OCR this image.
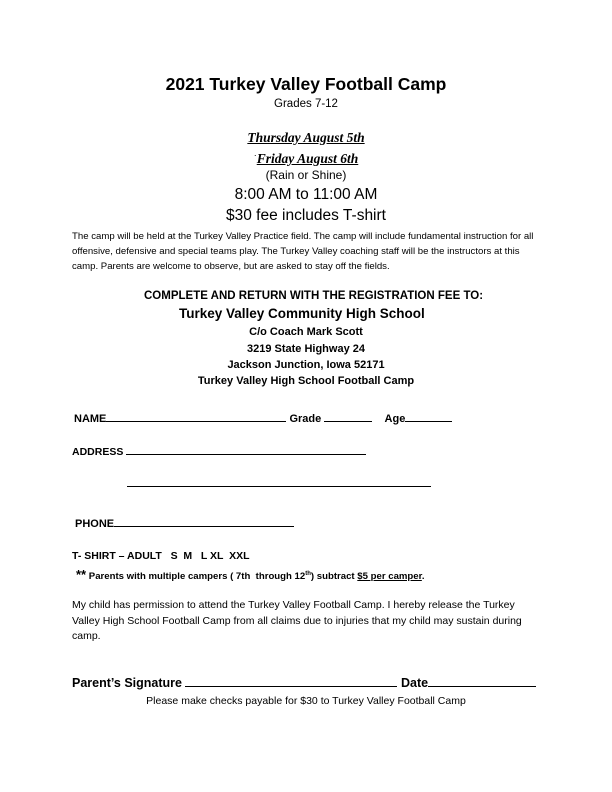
2021 Turkey Valley Football Camp
Grades 7-12
Thursday August 5th
·Friday August 6th
(Rain or Shine)
8:00 AM to 11:00 AM
$30 fee includes T-shirt
The camp will be held at the Turkey Valley Practice field. The camp will include fundamental instruction for all offensive, defensive and special teams play. The Turkey Valley coaching staff will be the instructors at this camp. Parents are welcome to observe, but are asked to stay off the fields.
COMPLETE AND RETURN WITH THE REGISTRATION FEE TO:
Turkey Valley Community High School
C/o Coach Mark Scott
3219 State Highway 24
Jackson Junction, Iowa 52171
Turkey Valley High School Football Camp
NAME	Grade	Age
ADDRESS
PHONE
T- SHIRT – ADULT   S  M   L XL  XXL
** Parents with multiple campers ( 7th  through 12th) subtract $5 per camper.
My child has permission to attend the Turkey Valley Football Camp. I hereby release the Turkey Valley High School Football Camp from all claims due to injuries that my child may sustain during camp.
Parent’s Signature	Date
Please make checks payable for $30 to Turkey Valley Football Camp
